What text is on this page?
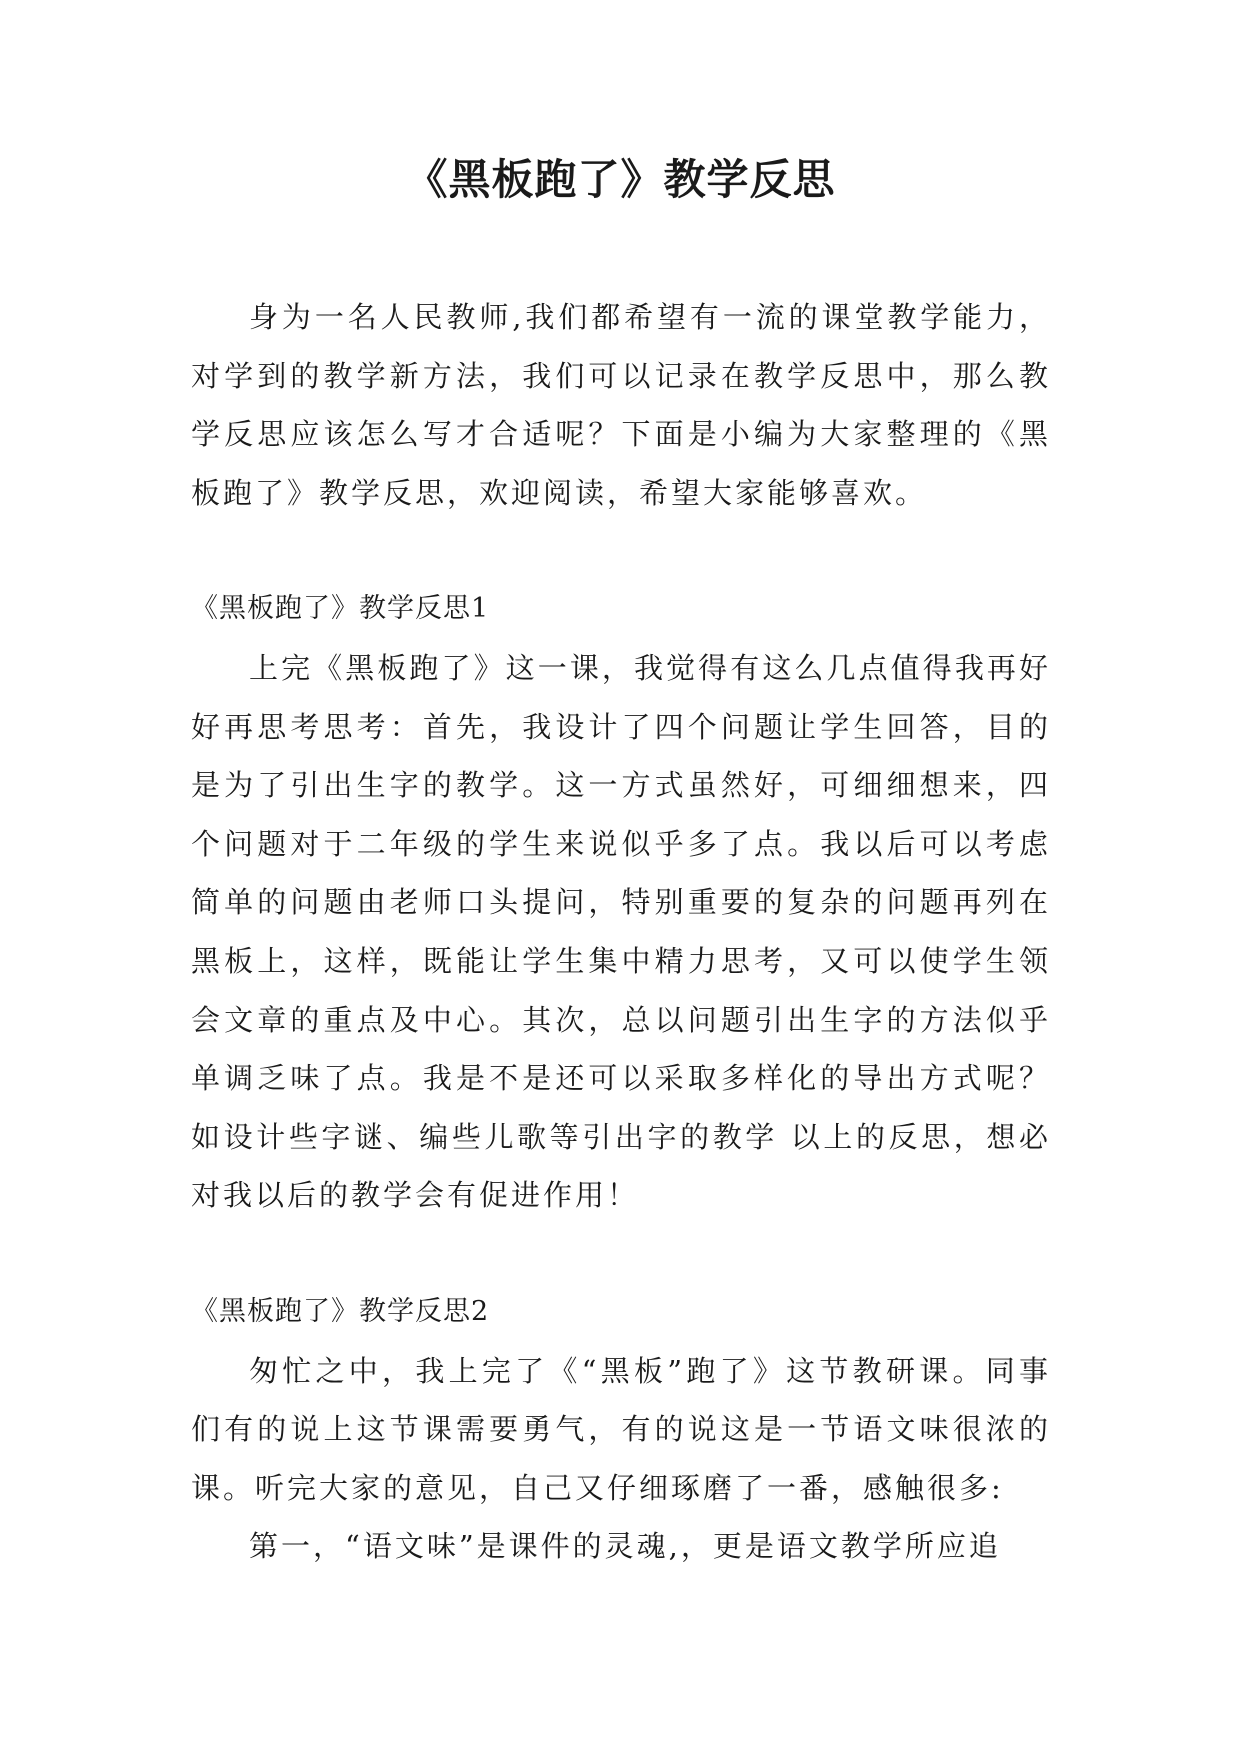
《黑板跑了》教学反思

身为一名人民教师,我们都希望有一流的课堂教学能力，对学到的教学新方法，我们可以记录在教学反思中，那么教学反思应该怎么写才合适呢？下面是小编为大家整理的《黑板跑了》教学反思，欢迎阅读，希望大家能够喜欢。

《黑板跑了》教学反思1

上完《黑板跑了》这一课，我觉得有这么几点值得我再好好再思考思考：首先，我设计了四个问题让学生回答，目的是为了引出生字的教学。这一方式虽然好，可细细想来，四个问题对于二年级的学生来说似乎多了点。我以后可以考虑简单的问题由老师口头提问，特别重要的复杂的问题再列在黑板上，这样，既能让学生集中精力思考，又可以使学生领会文章的重点及中心。其次，总以问题引出生字的方法似乎单调乏味了点。我是不是还可以采取多样化的导出方式呢？如设计些字谜、编些儿歌等引出字的教学 以上的反思，想必对我以后的教学会有促进作用！

《黑板跑了》教学反思2

匆忙之中，我上完了《“黑板”跑了》这节教研课。同事们有的说上这节课需要勇气，有的说这是一节语文味很浓的课。听完大家的意见，自己又仔细琢磨了一番，感触很多:

第一，“语文味”是课件的灵魂,，更是语文教学所应追
